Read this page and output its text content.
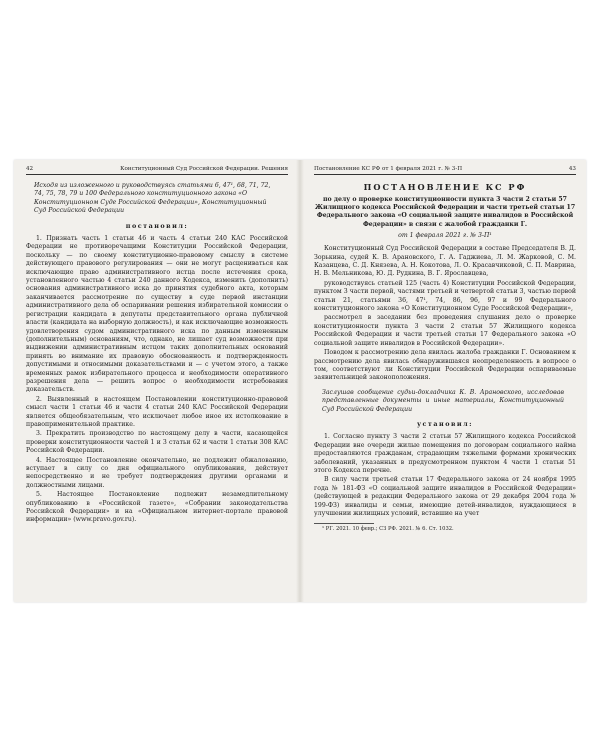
42	Конституционный Суд Российской Федерации. Решения
Исходя из изложенного и руководствуясь статьями 6, 47¹, 68, 71, 72, 74, 75, 78, 79 и 100 Федерального конституционного закона «О Конституционном Суде Российской Федерации», Конституционный Суд Российской Федерации
постановил:

1. Признать часть 1 статьи 46 и часть 4 статьи 240 КАС Российской Федерации не противоречащими Конституции Российской Федерации, поскольку — по своему конституционно-правовому смыслу в системе действующего правового регулирования — они не могут расцениваться как исключающие право административного истца после истечения срока, установленного частью 4 статьи 240 данного Кодекса, изменить (дополнить) основания административного иска до принятия судебного акта, которым заканчивается рассмотрение по существу в суде первой инстанции административного дела об оспаривании решения избирательной комиссии о регистрации кандидата в депутаты представительного органа публичной власти (кандидата на выборную должность), и как исключающие возможность удовлетворения судом административного иска по данным измененным (дополнительным) основаниям, что, однако, не лишает суд возможности при выдвижении административным истцом таких дополнительных оснований принять во внимание их правовую обоснованность и подтвержденность допустимыми и относимыми доказательствами и — с учетом этого, а также временных рамок избирательного процесса и необходимости оперативного разрешения дела — решить вопрос о необходимости истребования доказательств.

2. Выявленный в настоящем Постановлении конституционно-правовой смысл части 1 статьи 46 и части 4 статьи 240 КАС Российской Федерации является общеобязательным, что исключает любое иное их истолкование в правоприменительной практике.

3. Прекратить производство по настоящему делу в части, касающейся проверки конституционности частей 1 и 3 статьи 62 и части 1 статьи 308 КАС Российской Федерации.

4. Настоящее Постановление окончательно, не подлежит обжалованию, вступает в силу со дня официального опубликования, действует непосредственно и не требует подтверждения другими органами и должностными лицами.

5. Настоящее Постановление подлежит незамедлительному опубликованию в «Российской газете», «Собрании законодательства Российской Федерации» и на «Официальном интернет-портале правовой информации» (www.pravo.gov.ru).

Постановление КС РФ от 1 февраля 2021 г. № 3-П	43
ПОСТАНОВЛЕНИЕ КС РФ
по делу о проверке конституционности пункта 3 части 2 статьи 57 Жилищного кодекса Российской Федерации и части третьей статьи 17 Федерального закона «О социальной защите инвалидов в Российской Федерации» в связи с жалобой гражданки Г.
от 1 февраля 2021 г. № 3-П¹
Конституционный Суд Российской Федерации в составе Председателя В. Д. Зорькина, судей К. В. Арановского, Г. А. Гаджиева, Л. М. Жарковой, С. М. Казанцева, С. Д. Князева, А. Н. Кокотова, Л. О. Красавчиковой, С. П. Маврина, Н. В. Мельникова, Ю. Д. Рудкина, В. Г. Ярославцева,

руководствуясь статьей 125 (часть 4) Конституции Российской Федерации, пунктом 3 части первой, частями третьей и четвертой статьи 3, частью первой статьи 21, статьями 36, 47¹, 74, 86, 96, 97 и 99 Федерального конституционного закона «О Конституционном Суде Российской Федерации»,

рассмотрел в заседании без проведения слушания дело о проверке конституционности пункта 3 части 2 статьи 57 Жилищного кодекса Российской Федерации и части третьей статьи 17 Федерального закона «О социальной защите инвалидов в Российской Федерации».

Поводом к рассмотрению дела явилась жалоба гражданки Г. Основанием к рассмотрению дела явилась обнаружившаяся неопределенность в вопросе о том, соответствуют ли Конституции Российской Федерации оспариваемые заявительницей законоположения.

Заслушав сообщение судьи-докладчика К. В. Арановского, исследовав представленные документы и иные материалы, Конституционный Суд Российской Федерации
установил:

1. Согласно пункту 3 части 2 статьи 57 Жилищного кодекса Российской Федерации вне очереди жилые помещения по договорам социального найма предоставляются гражданам, страдающим тяжелыми формами хронических заболеваний, указанных в предусмотренном пунктом 4 части 1 статьи 51 этого Кодекса перечне.

В силу части третьей статьи 17 Федерального закона от 24 ноября 1995 года № 181-ФЗ «О социальной защите инвалидов в Российской Федерации» (действующей в редакции Федерального закона от 29 декабря 2004 года № 199-ФЗ) инвалиды и семьи, имеющие детей-инвалидов, нуждающиеся в улучшении жилищных условий, вставшие на учет

¹ РГ. 2021. 10 февр.; СЗ РФ. 2021. № 6. Ст. 1032.
